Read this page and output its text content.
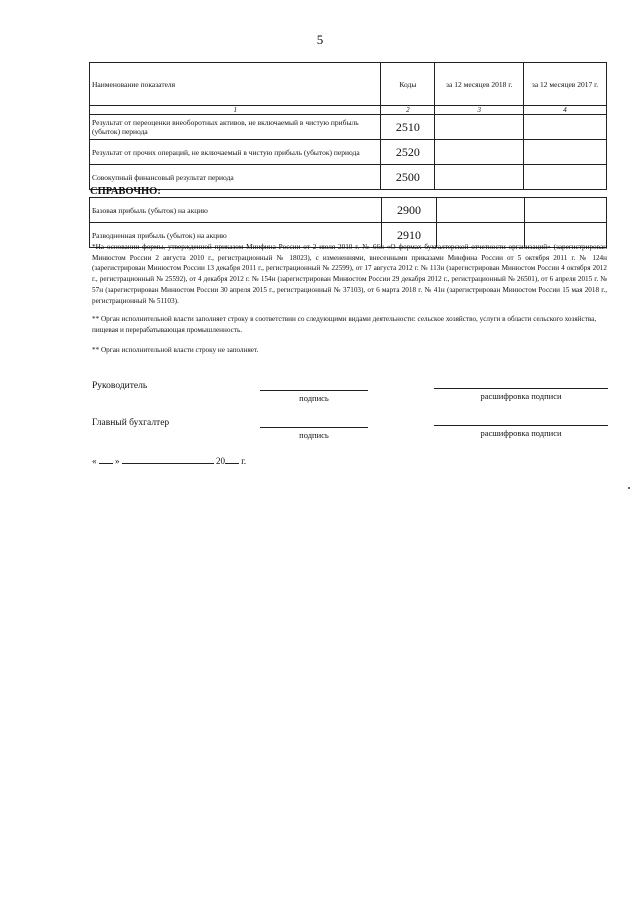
5
Наименование показателя	Коды	за 12 месяцев 2018 г.	за 12 месяцев 2017 г.
1	2	3	4
Результат от переоценки внеоборотных активов, не включаемый в чистую прибыль (убыток) периода	2510		
Результат от прочих операций, не включаемый в чистую прибыль (убыток) периода	2520		
Совокупный финансовый результат периода	2500		
СПРАВОЧНО:
Базовая прибыль (убыток) на акцию	2900		
Разводненная прибыль (убыток) на акцию	2910		
*На основании формы, утвержденной приказом Минфина России от 2 июля 2010 г. № 66н «О формах бухгалтерской отчетности организаций» (зарегистрирован Минюстом России 2 августа 2010 г., регистрационный № 18023), с изменениями, внесенными приказами Минфина России от 5 октября 2011 г. № 124н (зарегистрирован Минюстом России 13 декабря 2011 г., регистрационный № 22599), от 17 августа 2012 г. № 113н (зарегистрирован Минюстом России 4 октября 2012 г., регистрационный № 25592), от 4 декабря 2012 г. № 154н (зарегистрирован Минюстом России 29 декабря 2012 г., регистрационный № 26501), от 6 апреля 2015 г. № 57н (зарегистрирован Минюстом России 30 апреля 2015 г., регистрационный № 37103), от 6 марта 2018 г. № 41н (зарегистрирован Минюстом России 15 мая 2018 г., регистрационный № 51103).
** Орган исполнительной власти заполняет строку в соответствии со следующими видами деятельности: сельское хозяйство, услуги в области сельского хозяйства, пищевая и перерабатывающая промышленность.
** Орган исполнительной власти строку не заполняет.
Руководитель
подпись	расшифровка подписи
Главный бухгалтер
подпись	расшифровка подписи
« »	20 г.
